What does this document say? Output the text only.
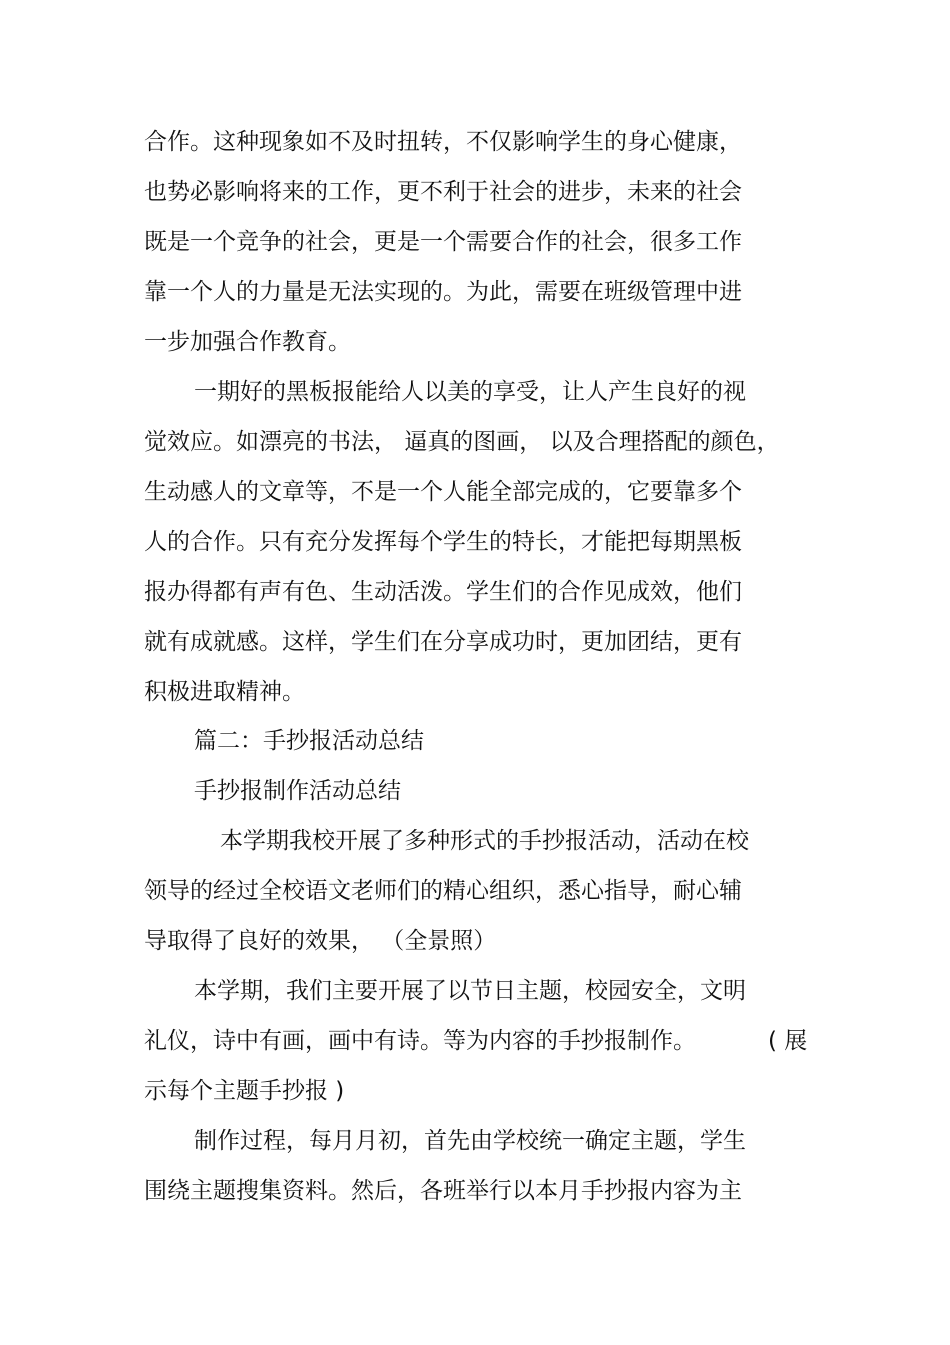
合作。这种现象如不及时扭转，不仅影响学生的身心健康，
也势必影响将来的工作，更不利于社会的进步，未来的社会
既是一个竞争的社会，更是一个需要合作的社会，很多工作
靠一个人的力量是无法实现的。为此，需要在班级管理中进
一步加强合作教育。
一期好的黑板报能给人以美的享受，让人产生良好的视
觉效应。如漂亮的书法， 逼真的图画， 以及合理搭配的颜色，
生动感人的文章等，不是一个人能全部完成的，它要靠多个
人的合作。只有充分发挥每个学生的特长，才能把每期黑板
报办得都有声有色、生动活泼。学生们的合作见成效，他们
就有成就感。这样，学生们在分享成功时，更加团结，更有
积极进取精神。
篇二：手抄报活动总结
手抄报制作活动总结
本学期我校开展了多种形式的手抄报活动，活动在校
领导的经过全校语文老师们的精心组织，悉心指导，耐心辅
导取得了良好的效果， （全景照）
本学期，我们主要开展了以节日主题，校园安全，文明
礼仪，诗中有画，画中有诗。等为内容的手抄报制作。	( 展
示每个主题手抄报 )
制作过程，每月月初，首先由学校统一确定主题，学生
围绕主题搜集资料。然后，各班举行以本月手抄报内容为主
